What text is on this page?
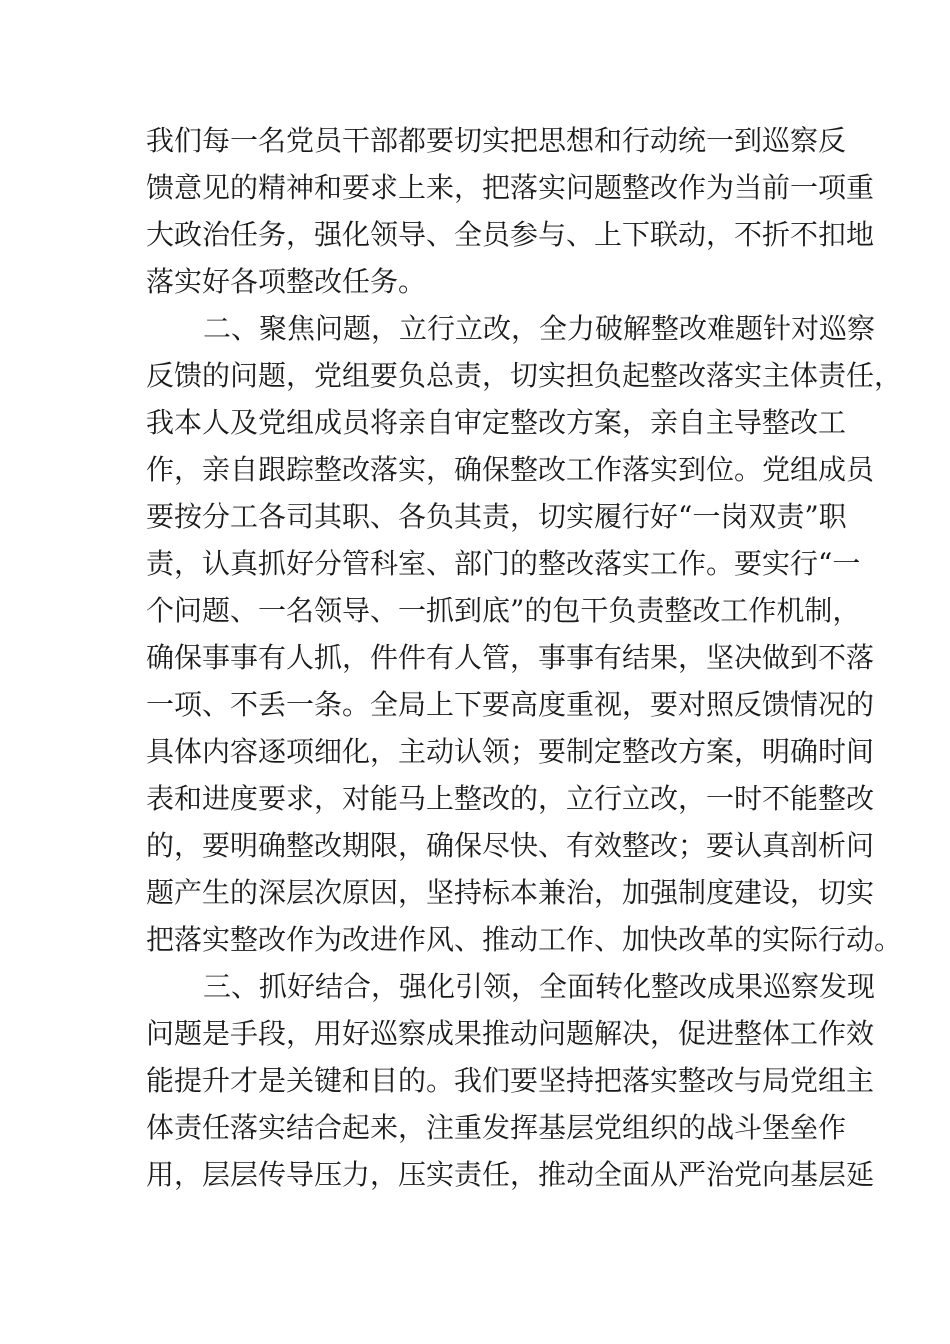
我们每一名党员干部都要切实把思想和行动统一到巡察反
馈意见的精神和要求上来，把落实问题整改作为当前一项重
大政治任务，强化领导、全员参与、上下联动，不折不扣地
落实好各项整改任务。
二、聚焦问题，立行立改，全力破解整改难题针对巡察
反馈的问题，党组要负总责，切实担负起整改落实主体责任，
我本人及党组成员将亲自审定整改方案，亲自主导整改工
作，亲自跟踪整改落实，确保整改工作落实到位。党组成员
要按分工各司其职、各负其责，切实履行好“一岗双责”职
责，认真抓好分管科室、部门的整改落实工作。要实行“一
个问题、一名领导、一抓到底”的包干负责整改工作机制，
确保事事有人抓，件件有人管，事事有结果，坚决做到不落
一项、不丢一条。全局上下要高度重视，要对照反馈情况的
具体内容逐项细化，主动认领；要制定整改方案，明确时间
表和进度要求，对能马上整改的，立行立改，一时不能整改
的，要明确整改期限，确保尽快、有效整改；要认真剖析问
题产生的深层次原因，坚持标本兼治，加强制度建设，切实
把落实整改作为改进作风、推动工作、加快改革的实际行动。
三、抓好结合，强化引领，全面转化整改成果巡察发现
问题是手段，用好巡察成果推动问题解决，促进整体工作效
能提升才是关键和目的。我们要坚持把落实整改与局党组主
体责任落实结合起来，注重发挥基层党组织的战斗堡垒作
用，层层传导压力，压实责任，推动全面从严治党向基层延
